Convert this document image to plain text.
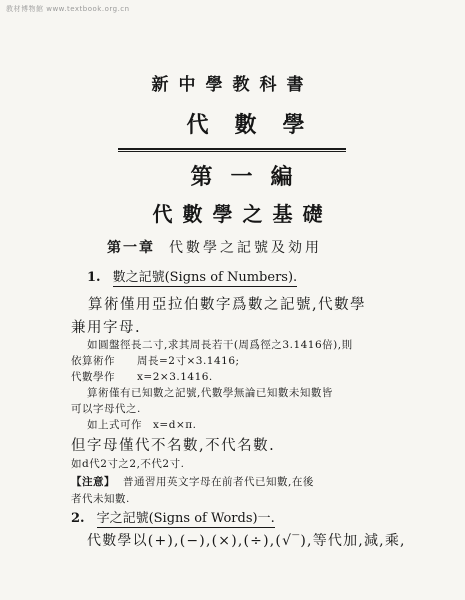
教材博物館 www.textbook.org.cn
新中學教科書
代數學
第一編
代數學之基礎
第一章 代數學之記號及効用
1. 數之記號(Signs of Numbers).
算術僅用亞拉伯數字爲數之記號,代數學
兼用字母.
如圓盤徑長二寸,求其周長若干(周爲徑之3.1416倍),則
依算術作　　周長=2寸×3.1416;
代數學作　　x=2×3.1416.
算術僅有已知數之記號,代數學無論已知數未知數皆
可以字母代之.
如上式可作　x=d×π.
但字母僅代不名數,不代名數.
如d代2寸之2,不代2寸.
【注意】 普通習用英文字母在前者代已知數,在後
者代未知數.
2. 字之記號(Signs of Words)一.
代數學以(+),(−),(×),(÷),(√‾),等代加,減,乘,
